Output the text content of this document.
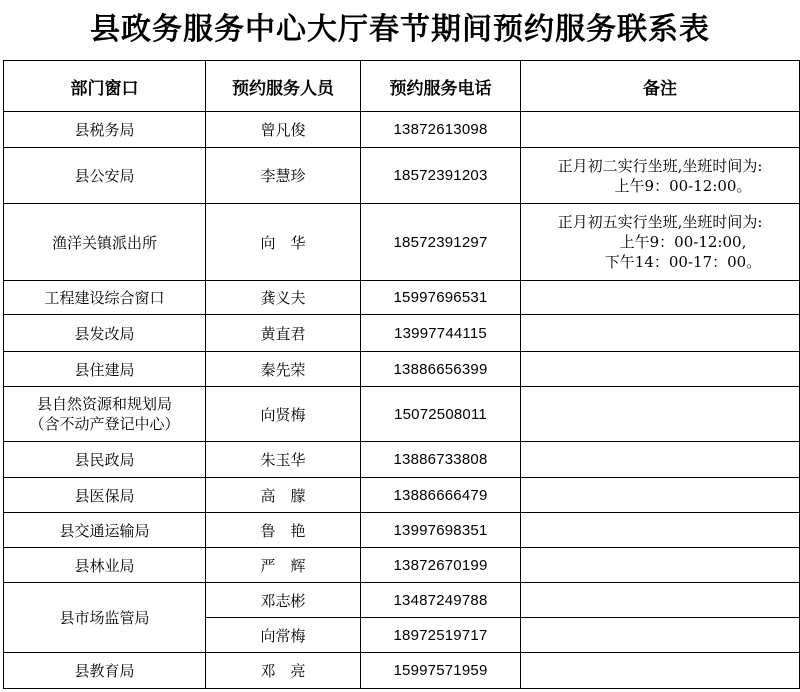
县政务服务中心大厅春节期间预约服务联系表
部门窗口	预约服务人员	预约服务电话	备注
县税务局	曾凡俊	13872613098	
县公安局	李慧珍	18572391203	正月初二实行坐班,坐班时间为:
上午9：00-12:00。

渔洋关镇派出所	向　华	18572391297	正月初五实行坐班,坐班时间为:
上午9：00-12:00,
下午14：00-17：00。

工程建设综合窗口	龚义夫	15997696531	
县发改局	黄直君	13997744115	
县住建局	秦先荣	13886656399	

县自然资源和规划局
（含不动产登记中心）	向贤梅	15072508011	
县民政局	朱玉华	13886733808	
县医保局	高　朦	13886666479	
县交通运输局	鲁　艳	13997698351	
县林业局	严　辉	13872670199	
县市场监管局	邓志彬	13487249788	
	向常梅	18972519717	
县教育局	邓　亮	15997571959	
